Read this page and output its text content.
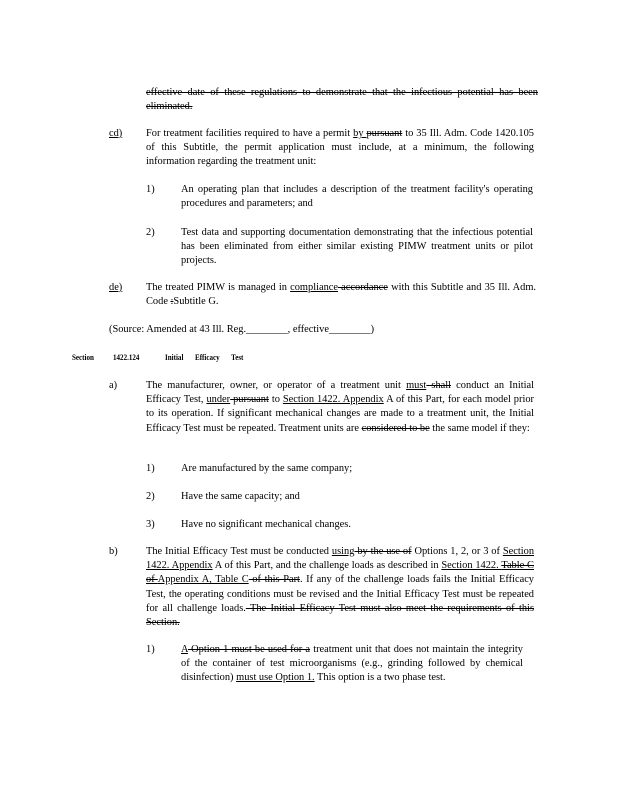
effective date of these regulations to demonstrate that the infectious potential has been eliminated.
cd) For treatment facilities required to have a permit by pursuant to 35 Ill. Adm. Code 1420.105 of this Subtitle, the permit application must include, at a minimum, the following information regarding the treatment unit:
1)	An operating plan that includes a description of the treatment facility's operating procedures and parameters; and
2)	Test data and supporting documentation demonstrating that the infectious potential has been eliminated from either similar existing PIMW treatment units or pilot projects.
de) The treated PIMW is managed in compliance accordance with this Subtitle and 35 Ill. Adm. Code :Subtitle G.
(Source: Amended at 43 Ill. Reg.________, effective________)
Section 1422.124	Initial Efficacy Test
a)	The manufacturer, owner, or operator of a treatment unit must shall conduct an Initial Efficacy Test, under pursuant to Section 1422. Appendix A of this Part, for each model prior to its operation. If significant mechanical changes are made to a treatment unit, the Initial Efficacy Test must be repeated. Treatment units are considered to be the same model if they:
1)	Are manufactured by the same company;
2)	Have the same capacity; and
3)	Have no significant mechanical changes.
b)	The Initial Efficacy Test must be conducted using by the use of Options 1, 2, or 3 of Section 1422. Appendix A of this Part, and the challenge loads as described in Section 1422. Table C of Appendix A, Table C of this Part. If any of the challenge loads fails the Initial Efficacy Test, the operating conditions must be revised and the Initial Efficacy Test must be repeated for all challenge loads. The Initial Efficacy Test must also meet the requirements of this Section.
1)	A Option 1 must be used for a treatment unit that does not maintain the integrity of the container of test microorganisms (e.g., grinding followed by chemical disinfection) must use Option 1. This option is a two phase test.
